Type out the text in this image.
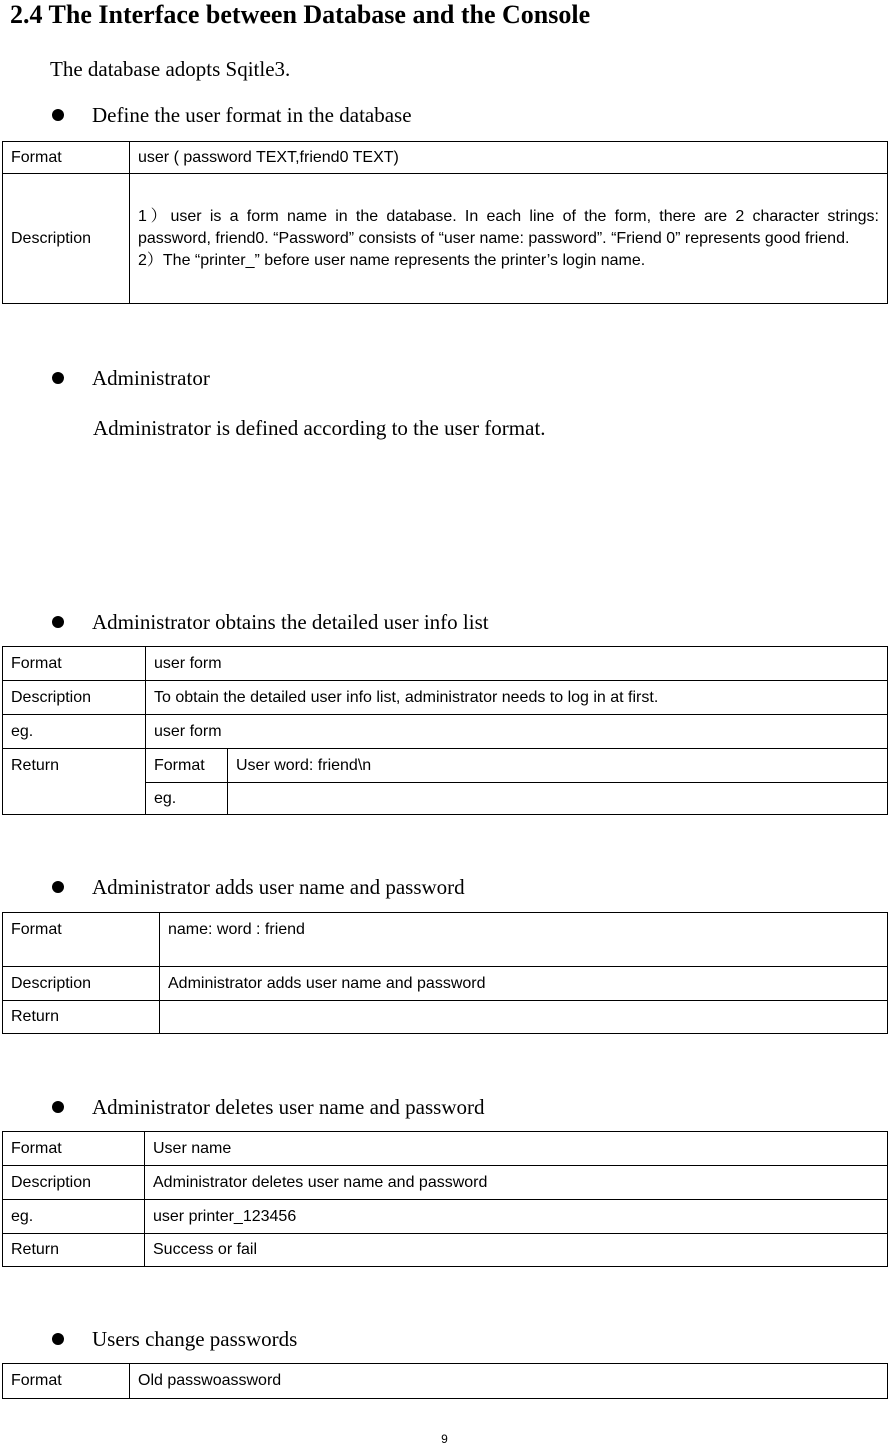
2.4 The Interface between Database and the Console
The database adopts Sqitle3.
Define the user format in the database
Format	user ( password TEXT,friend0 TEXT)
Description	1）user is a form name in the database. In each line of the form, there are 2 character strings: password, friend0. “Password” consists of “user name: password”. “Friend 0” represents good friend.
2）The “printer_” before user name represents the printer’s login name.
Administrator
Administrator is defined according to the user format.
Administrator obtains the detailed user info list
Format	user form	
Description	To obtain the detailed user info list, administrator needs to log in at first.	
eg.	user form	
Return	Format	User word: friend\n
	eg.	
Administrator adds user name and password
Format	name: word : friend
Description	Administrator adds user name and password
Return	
Administrator deletes user name and password
Format	User name
Description	Administrator deletes user name and password
eg.	user printer_123456
Return	Success or fail
Users change passwords
Format	Old passwoassword
9
